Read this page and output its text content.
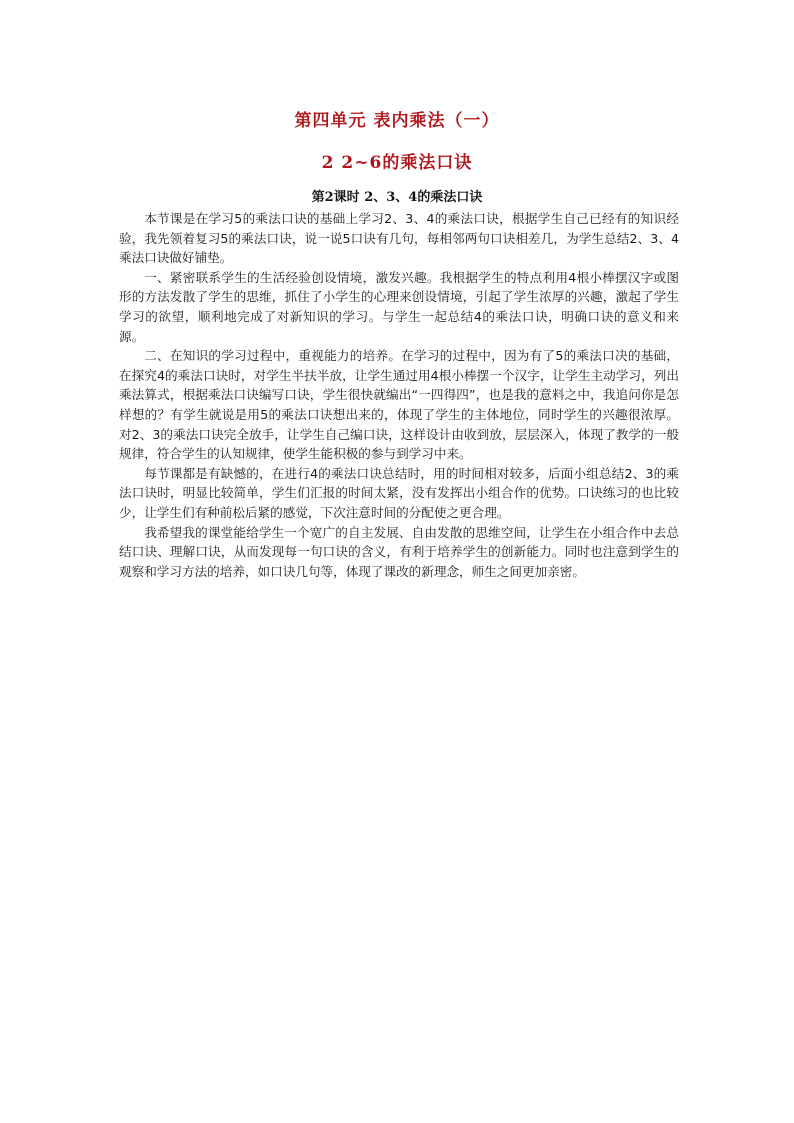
第四单元 表内乘法（一）
2 2~6的乘法口诀
第2课时 2、3、4的乘法口诀

本节课是在学习5的乘法口诀的基础上学习2、3、4的乘法口诀，根据学生自己已经有的知识经验，我先领着复习5的乘法口诀，说一说5口诀有几句，每相邻两句口诀相差几，为学生总结2、3、4乘法口诀做好铺垫。

一、紧密联系学生的生活经验创设情境，激发兴趣。我根据学生的特点利用4根小棒摆汉字或图形的方法发散了学生的思维，抓住了小学生的心理来创设情境，引起了学生浓厚的兴趣，激起了学生学习的欲望，顺利地完成了对新知识的学习。与学生一起总结4的乘法口诀，明确口诀的意义和来源。

二、在知识的学习过程中，重视能力的培养。在学习的过程中，因为有了5的乘法口决的基础，在探究4的乘法口诀时，对学生半扶半放，让学生通过用4根小棒摆一个汉字，让学生主动学习，列出乘法算式，根据乘法口诀编写口诀，学生很快就编出“一四得四”，也是我的意料之中，我追问你是怎样想的？有学生就说是用5的乘法口诀想出来的，体现了学生的主体地位，同时学生的兴趣很浓厚。对2、3的乘法口诀完全放手，让学生自己编口诀，这样设计由收到放，层层深入，体现了教学的一般规律，符合学生的认知规律，使学生能积极的参与到学习中来。

每节课都是有缺憾的，在进行4的乘法口诀总结时，用的时间相对较多，后面小组总结2、3的乘法口诀时，明显比较简单，学生们汇报的时间太紧，没有发挥出小组合作的优势。口诀练习的也比较少，让学生们有种前松后紧的感觉，下次注意时间的分配使之更合理。

我希望我的课堂能给学生一个宽广的自主发展、自由发散的思维空间，让学生在小组合作中去总结口诀、理解口诀，从而发现每一句口诀的含义，有利于培养学生的创新能力。同时也注意到学生的观察和学习方法的培养，如口诀几句等，体现了课改的新理念，师生之间更加亲密。
